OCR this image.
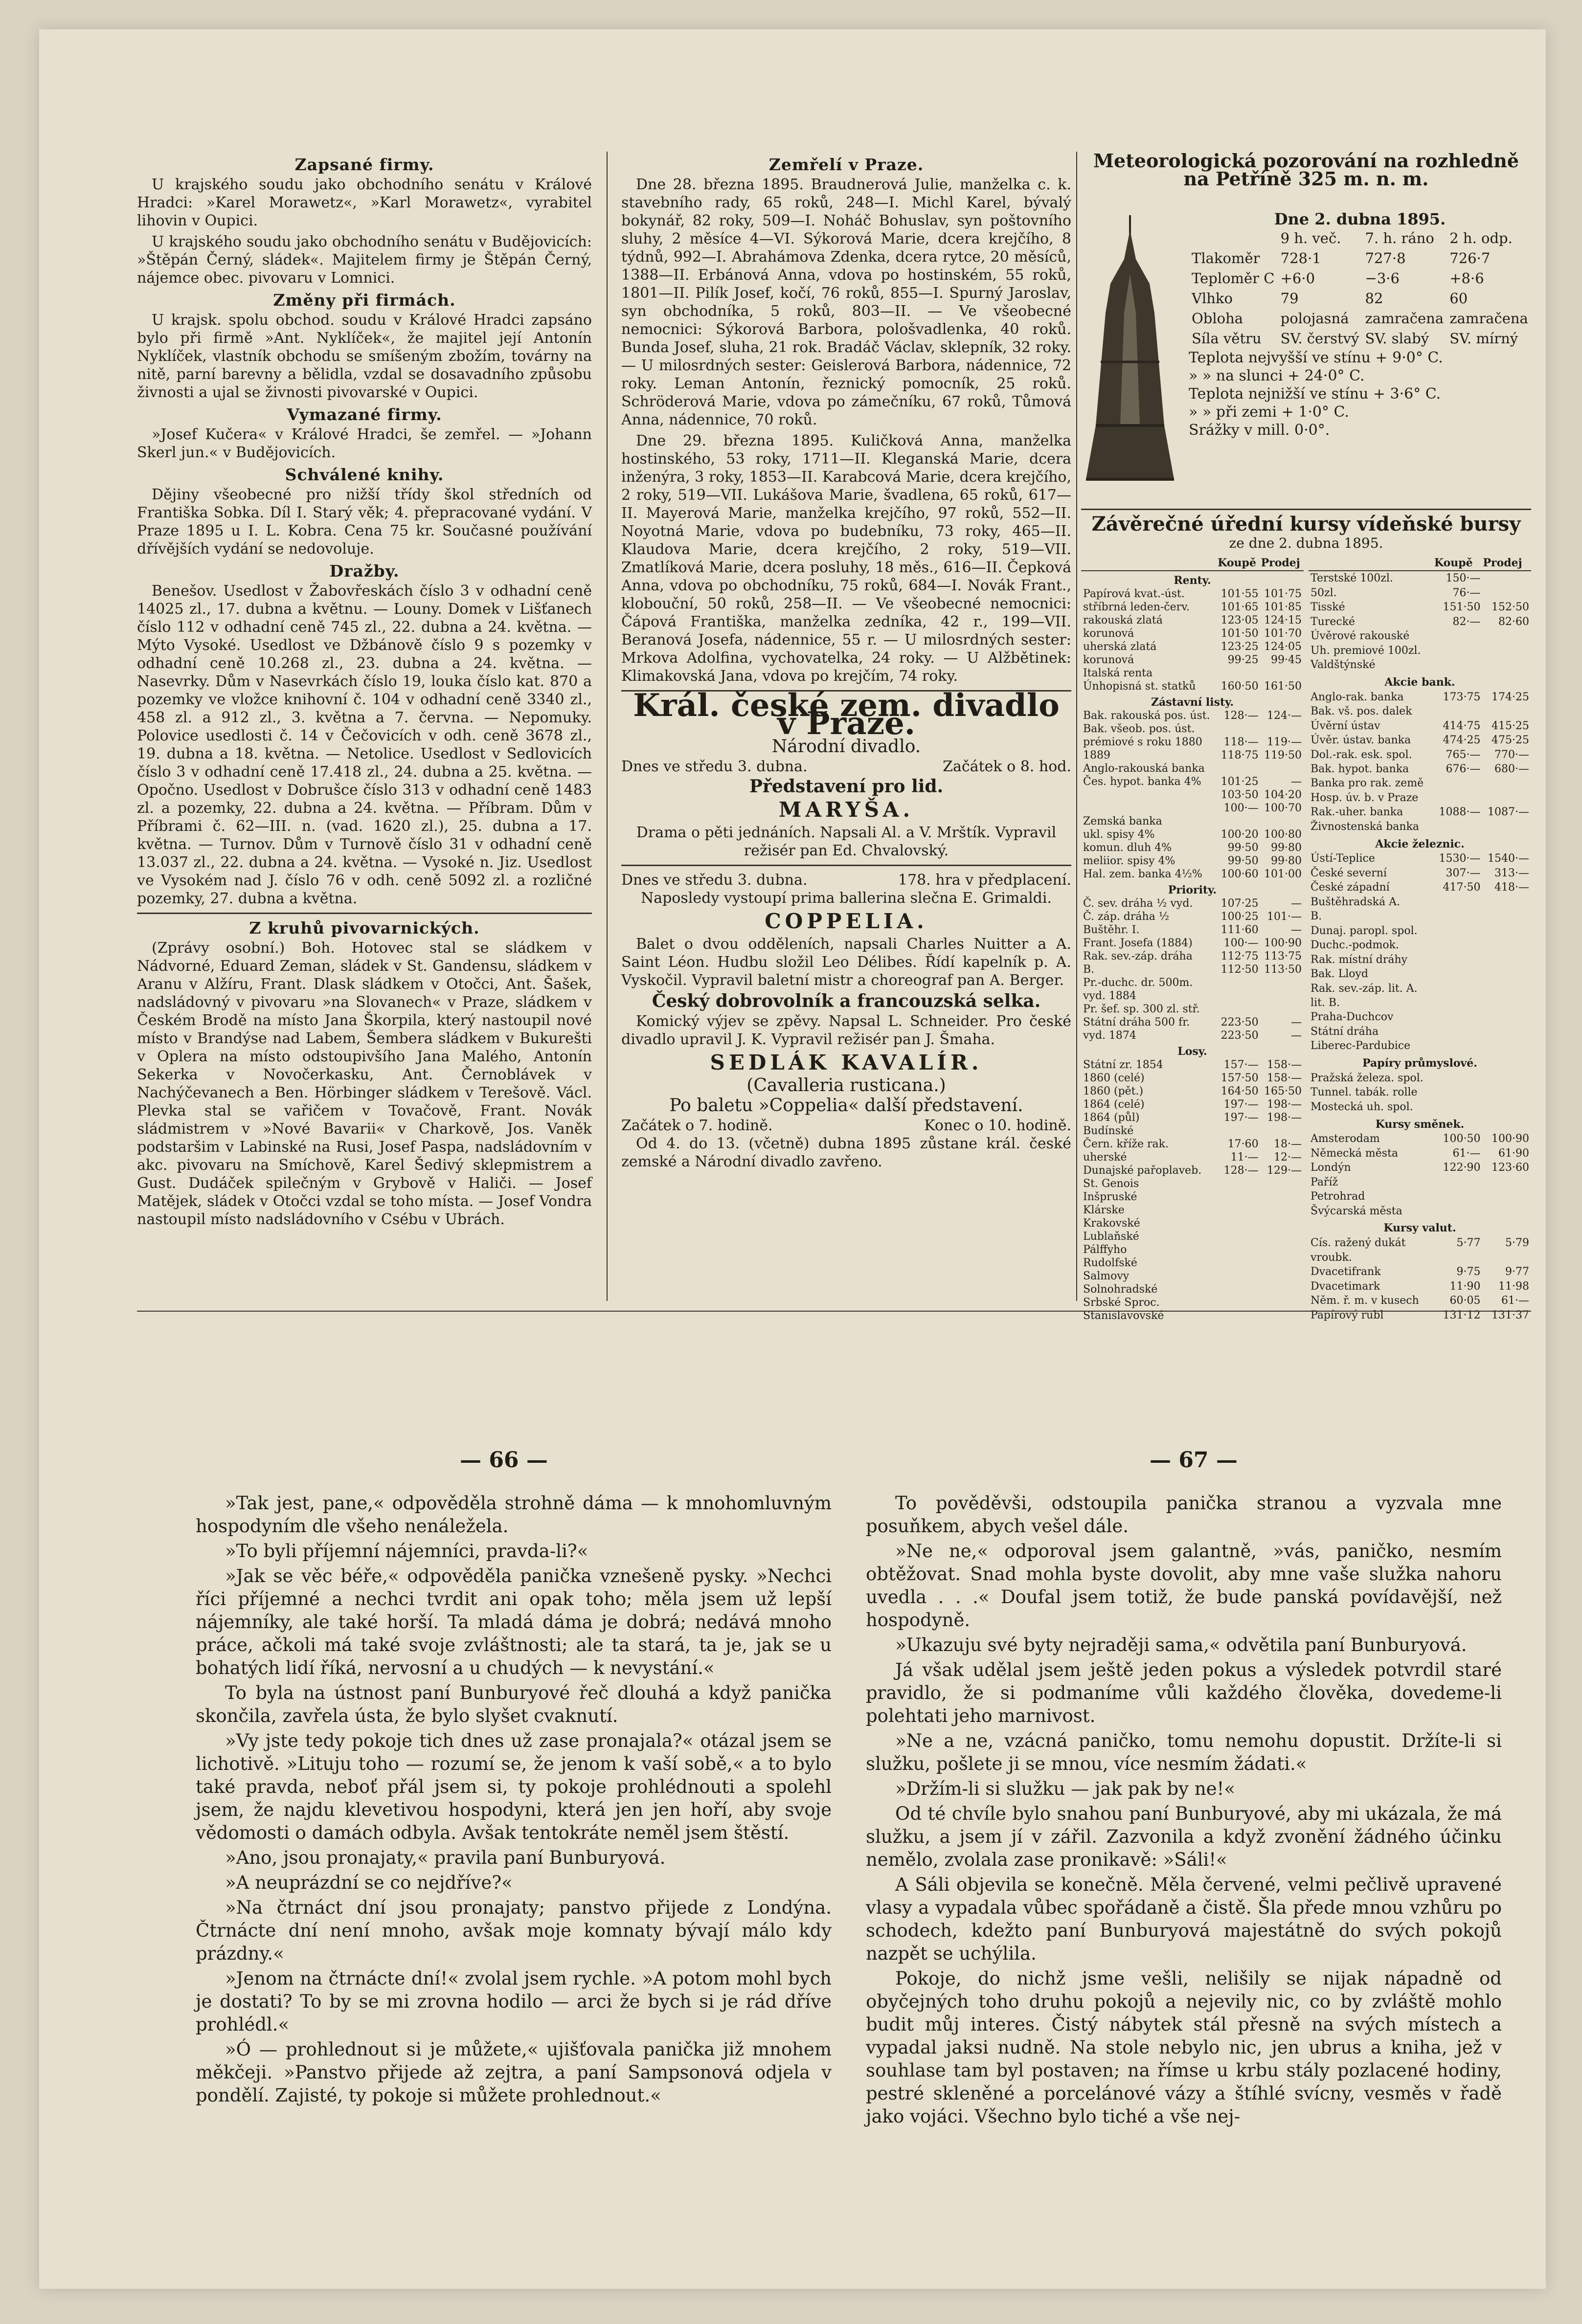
Zapsané firmy.

U krajského soudu jako obchodního senátu v Králové Hradci: »Karel Morawetz«, »Karl Morawetz«, vyrabitel lihovin v Oupici.

U krajského soudu jako obchodního senátu v Budějovicích: »Štěpán Černý, sládek«. Majitelem firmy je Štěpán Černý, nájemce obec. pivovaru v Lomnici.

Změny při firmách.

U krajsk. spolu obchod. soudu v Králové Hradci zapsáno bylo při firmě »Ant. Nyklíček«, že majitel její Antonín Nyklíček, vlastník obchodu se smíšeným zbožím, továrny na nitě, parní barevny a bělidla, vzdal se dosavadního způsobu živnosti a ujal se živnosti pivovarské v Oupici.

Vymazané firmy.

»Josef Kučera« v Králové Hradci, še zemřel. — »Johann Skerl jun.« v Budějovicích.

Schválené knihy.

Dějiny všeobecné pro nižší třídy škol středních od Františka Sobka. Díl I. Starý věk; 4. přepracované vydání. V Praze 1895 u I. L. Kobra. Cena 75 kr. Současné používání dřívějších vydání se nedovoluje.

Dražby.

Benešov. Usedlost v Žabovřeskách číslo 3 v odhadní ceně 14025 zl., 17. dubna a květnu. — Louny. Domek v Lišťanech číslo 112 v odhadní ceně 745 zl., 22. dubna a 24. května. — Mýto Vysoké. Usedlost ve Džbánově číslo 9 s pozemky v odhadní ceně 10.268 zl., 23. dubna a 24. května. — Nasevrky. Dům v Nasevrkách číslo 19, louka číslo kat. 870 a pozemky ve vložce knihovní č. 104 v odhadní ceně 3340 zl., 458 zl. a 912 zl., 3. května a 7. června. — Nepomuky. Polovice usedlosti č. 14 v Čečovicích v odh. ceně 3678 zl., 19. dubna a 18. května. — Netolice. Usedlost v Sedlovicích číslo 3 v odhadní ceně 17.418 zl., 24. dubna a 25. května. — Opočno. Usedlost v Dobrušce číslo 313 v odhadní ceně 1483 zl. a pozemky, 22. dubna a 24. května. — Příbram. Dům v Příbrami č. 62—III. n. (vad. 1620 zl.), 25. dubna a 17. května. — Turnov. Dům v Turnově číslo 31 v odhadní ceně 13.037 zl., 22. dubna a 24. května. — Vysoké n. Jiz. Usedlost ve Vysokém nad J. číslo 76 v odh. ceně 5092 zl. a rozličné pozemky, 27. dubna a května.

Z kruhů pivovarnických.

(Zprávy osobní.) Boh. Hotovec stal se sládkem v Nádvorné, Eduard Zeman, sládek v St. Gandensu, sládkem v Aranu v Alžíru, Frant. Dlask sládkem v Otočci, Ant. Šašek, nadsládovný v pivovaru »na Slovanech« v Praze, sládkem v Českém Brodě na místo Jana Škorpila, který nastoupil nové místo v Brandýse nad Labem, Šembera sládkem v Bukurešti v Oplera na místo odstoupivšího Jana Malého, Antonín Sekerka v Novočerkasku, Ant. Černoblávek v Nachýčevanech a Ben. Hörbinger sládkem v Terešově. Václ. Plevka stal se vařičem v Tovačově, Frant. Novák sládmistrem v »Nové Bavarii« v Charkově, Jos. Vaněk podstaršim v Labinské na Rusi, Josef Paspa, nadsládovním v akc. pivovaru na Smíchově, Karel Šedivý sklepmistrem a Gust. Dudáček spilečným v Grybově v Haliči. — Josef Matějek, sládek v Otočci vzdal se toho místa. — Josef Vondra nastoupil místo nadsládovního v Csébu v Ubrách.

Zemřelí v Praze.

Dne 28. března 1895. Braudnerová Julie, manželka c. k. stavebního rady, 65 roků, 248—I. Michl Karel, bývalý bokynář, 82 roky, 509—I. Noháč Bohuslav, syn poštovního sluhy, 2 měsíce 4—VI. Sýkorová Marie, dcera krejčího, 8 týdnů, 992—I. Abrahámova Zdenka, dcera rytce, 20 měsíců, 1388—II. Erbánová Anna, vdova po hostinském, 55 roků, 1801—II. Pilík Josef, kočí, 76 roků, 855—I. Spurný Jaroslav, syn obchodníka, 5 roků, 803—II. — Ve všeobecné nemocnici: Sýkorová Barbora, pološvadlenka, 40 roků. Bunda Josef, sluha, 21 rok. Bradáč Václav, sklepník, 32 roky. — U milosrdných sester: Geislerová Barbora, nádennice, 72 roky. Leman Antonín, řeznický pomocník, 25 roků. Schröderová Marie, vdova po zámečníku, 67 roků, Tůmová Anna, nádennice, 70 roků.

Dne 29. března 1895. Kuličková Anna, manželka hostinského, 53 roky, 1711—II. Kleganská Marie, dcera inženýra, 3 roky, 1853—II. Karabcová Marie, dcera krejčího, 2 roky, 519—VII. Lukášova Marie, švadlena, 65 roků, 617—II. Mayerová Marie, manželka krejčího, 97 roků, 552—II. Noyotná Marie, vdova po budebníku, 73 roky, 465—II. Klaudova Marie, dcera krejčího, 2 roky, 519—VII. Zmatlíková Marie, dcera posluhy, 18 měs., 616—II. Čepková Anna, vdova po obchodníku, 75 roků, 684—I. Novák Frant., klobouční, 50 roků, 258—II. — Ve všeobecné nemocnici: Čápová Františka, manželka zedníka, 42 r., 199—VII. Beranová Josefa, nádennice, 55 r. — U milosrdných sester: Mrkova Adolfina, vychovatelka, 24 roky. — U Alžbětinek: Klimakovská Jana, vdova po krejčím, 74 roky.

Král. české zem. divadlo v Praze.
Národní divadlo.
Dnes ve středu 3. dubna.	Začátek o 8. hod.
Představení pro lid.
MARYŠA.

Drama o pěti jednáních. Napsali Al. a V. Mrštík. Vypravil režisér pan Ed. Chvalovský.

Dnes ve středu 3. dubna.	178. hra v předplacení.

Naposledy vystoupí prima ballerina slečna E. Grimaldi.

COPPELIA.

Balet o dvou odděleních, napsali Charles Nuitter a A. Saint Léon. Hudbu složil Leo Délibes. Řídí kapelník p. A. Vyskočil. Vypravil baletní mistr a choreograf pan A. Berger.

Český dobrovolník a francouzská selka.

Komický výjev se zpěvy. Napsal L. Schneider. Pro české divadlo upravil J. K. Vypravil režisér pan J. Šmaha.

SEDLÁK KAVALÍR.
(Cavalleria rusticana.)
Po baletu »Coppelia« další představení.
Začátek o 7. hodině.	Konec o 10. hodině.

Od 4. do 13. (včetně) dubna 1895 zůstane král. české zemské a Národní divadlo zavřeno.

Meteorologická pozorování na rozhledně na Petříně 325 m. n. m.
Dne 2. dubna 1895.
	9 h. več.	7. h. ráno	2 h. odp.
Tlakoměr	728·1	727·8	726·7
Teploměr C	+6·0	−3·6	+8·6
Vlhko	79	82	60
Obloha	polojasná	zamračena	zamračena
Síla větru	SV. čerstvý	SV. slabý	SV. mírný
Teplota nejvyšší ve stínu + 9·0° C.
» » na slunci + 24·0° C.
Teplota nejnižší ve stínu + 3·6° C.
» » při zemi + 1·0° C.
Srážky v mill. 0·0°.
Závěrečné úřední kursy vídeňské bursy
ze dne 2. dubna 1895.
	Koupě	Prodej
Renty.		
Papírová kvat.-úst.	101·55	101·75
stříbrná leden-červ.	101·65	101·85
rakouská zlatá	123·05	124·15
korunová	101·50	101·70
uherská zlatá	123·25	124·05
korunová	99·25	99·45
Italská renta		
Únhopisná st. statků	160·50	161·50
Zástavní listy.		
Bak. rakouská pos. úst.	128·—	124·—
Bak. všeob. pos. úst.		
prémiové s roku 1880	118·—	119·—
1889	118·75	119·50
Anglo-rakouská banka		
Čes. hypot. banka 4%	101·25	—
	103·50	104·20
	100·—	100·70
Zemská banka		
ukl. spisy 4%	100·20	100·80
komun. dluh 4%	99·50	99·80
meliior. spisy 4%	99·50	99·80
Hal. zem. banka 4½%	100·60	101·00
Priority.		
Č. sev. dráha ½ vyd.	107·25	—
Č. záp. dráha ½	100·25	101·—
Buštěhr. I.	111·60	—
Frant. Josefa (1884)	100·—	100·90
Rak. sev.-záp. dráha	112·75	113·75
B.	112·50	113·50
Pr.-duchc. dr. 500m.		
vyd. 1884		
Pr. šef. sp. 300 zl. stř.		
Státní dráha 500 fr.	223·50	—
vyd. 1874	223·50	—
Losy.		
Státní zr. 1854	157·—	158·—
1860 (celé)	157·50	158·—
1860 (pět.)	164·50	165·50
1864 (celé)	197·—	198·—
1864 (půl)	197·—	198·—
Budínské		
Čern. kříže rak.	17·60	18·—
uherské	11·—	12·—
Dunajské pařoplaveb.	128·—	129·—
St. Genois		
Inšpruské		
Klárske		
Krakovské		
Lublaňské		
Pálffyho		
Rudolfské		
Salmovy		
Solnohradské		
Srbské Sproc.		
Stanislavovské		
	Koupě	Prodej
Terstské 100zl.	150·—	
50zl.	76·—	
Tisské	151·50	152·50
Turecké	82·—	82·60
Úvěrové rakouské		
Uh. premiové 100zl.		
Valdštýnské		
Akcie bank.		
Anglo-rak. banka	173·75	174·25
Bak. vš. pos. dalek		
Úvěrní ústav	414·75	415·25
Úvěr. ústav. banka	474·25	475·25
Dol.-rak. esk. spol.	765·—	770·—
Bak. hypot. banka	676·—	680·—
Banka pro rak. země		
Hosp. úv. b. v Praze		
Rak.-uher. banka	1088·—	1087·—
Živnostenská banka		
Akcie železnic.		
Ústí-Teplice	1530·—	1540·—
České severní	307·—	313·—
České západní	417·50	418·—
Buštěhradská A.		
B.		
Dunaj. paropl. spol.		
Duchc.-podmok.		
Rak. místní dráhy		
Bak. Lloyd		
Rak. sev.-záp. lit. A.		
lit. B.		
Praha-Duchcov		
Státní dráha		
Liberec-Pardubice		
Papíry průmyslové.		
Pražská železa. spol.		
Tunnel. tabák. rolle		
Mostecká uh. spol.		
Kursy směnek.		
Amsterodam	100·50	100·90
Německá města	61·—	61·90
Londýn	122·90	123·60
Paříž		
Petrohrad		
Švýcarská města		
Kursy valut.		
Cís. ražený dukát	5·77	5·79
vroubk.		
Dvacetifrank	9·75	9·77
Dvacetimark	11·90	11·98
Něm. ř. m. v kusech	60·05	61·—
Papírový rubl	131·12	131·37
— 66 —	— 67 —

»Tak jest, pane,« odpověděla strohně dáma — k mnohomluvným hospodyním dle všeho nenáležela.

»To byli příjemní nájemníci, pravda-li?«

»Jak se věc béře,« odpověděla panička vznešeně pysky. »Nechci říci příjemné a nechci tvrdit ani opak toho; měla jsem už lepší nájemníky, ale také horší. Ta mladá dáma je dobrá; nedává mnoho práce, ačkoli má také svoje zvláštnosti; ale ta stará, ta je, jak se u bohatých lidí říká, nervosní a u chudých — k nevystání.«

To byla na ústnost paní Bunburyové řeč dlouhá a když panička skončila, zavřela ústa, že bylo slyšet cvaknutí.

»Vy jste tedy pokoje tich dnes už zase pronajala?« otázal jsem se lichotivě. »Lituju toho — rozumí se, že jenom k vaší sobě,« a to bylo také pravda, neboť přál jsem si, ty pokoje prohlédnouti a spolehl jsem, že najdu klevetivou hospodyni, která jen jen hoří, aby svoje vědomosti o damách odbyla. Avšak tentokráte neměl jsem štěstí.

»Ano, jsou pronajaty,« pravila paní Bunburyová.

»A neuprázdní se co nejdříve?«

»Na čtrnáct dní jsou pronajaty; panstvo přijede z Londýna. Čtrnácte dní není mnoho, avšak moje komnaty bývají málo kdy prázdny.«

»Jenom na čtrnácte dní!« zvolal jsem rychle. »A potom mohl bych je dostati? To by se mi zrovna hodilo — arci že bych si je rád dříve prohlédl.«

»Ó — prohlednout si je můžete,« ujišťovala panička již mnohem měkčeji. »Panstvo přijede až zejtra, a paní Sampsonová odjela v pondělí. Zajisté, ty pokoje si můžete prohlednout.«

To pověděvši, odstoupila panička stranou a vyzvala mne posuňkem, abych vešel dále.

»Ne ne,« odporoval jsem galantně, »vás, paničko, nesmím obtěžovat. Snad mohla byste dovolit, aby mne vaše služka nahoru uvedla . . .« Doufal jsem totiž, že bude panská povídavější, než hospodyně.

»Ukazuju své byty nejraději sama,« odvětila paní Bunburyová.

Já však udělal jsem ještě jeden pokus a výsledek potvrdil staré pravidlo, že si podmaníme vůli každého člověka, dovedeme-li polehtati jeho marnivost.

»Ne a ne, vzácná paničko, tomu nemohu dopustit. Držíte-li si služku, pošlete ji se mnou, více nesmím žádati.«

»Držím-li si služku — jak pak by ne!«

Od té chvíle bylo snahou paní Bunburyové, aby mi ukázala, že má služku, a jsem jí v zářil. Zazvonila a když zvonění žádného účinku nemělo, zvolala zase pronikavě: »Sáli!«

A Sáli objevila se konečně. Měla červené, velmi pečlivě upravené vlasy a vypadala vůbec spořádaně a čistě. Šla přede mnou vzhůru po schodech, kdežto paní Bunburyová majestátně do svých pokojů nazpět se uchýlila.

Pokoje, do nichž jsme vešli, nelišily se nijak nápadně od obyčejných toho druhu pokojů a nejevily nic, co by zvláště mohlo budit můj interes. Čistý nábytek stál přesně na svých místech a vypadal jaksi nudně. Na stole nebylo nic, jen ubrus a kniha, jež v souhlase tam byl postaven; na římse u krbu stály pozlacené hodiny, pestré skleněné a porcelánové vázy a štíhlé svícny, vesměs v řadě jako vojáci. Všechno bylo tiché a vše nej-
